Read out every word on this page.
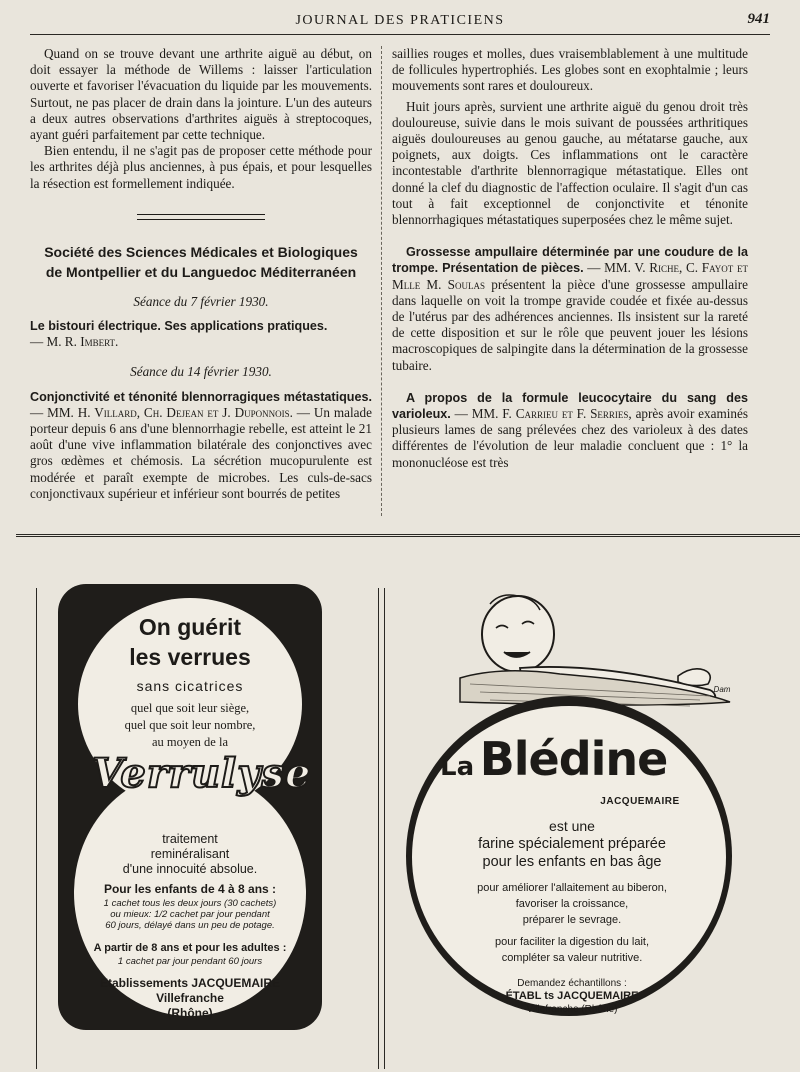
JOURNAL DES PRATICIENS	941

Quand on se trouve devant une arthrite aiguë au début, on doit essayer la méthode de Willems : laisser l'articulation ouverte et favoriser l'évacuation du liquide par les mouvements. Surtout, ne pas placer de drain dans la jointure. L'un des auteurs a deux autres observations d'arthrites aiguës à streptocoques, ayant guéri parfaitement par cette technique.

Bien entendu, il ne s'agit pas de proposer cette méthode pour les arthrites déjà plus anciennes, à pus épais, et pour lesquelles la résection est formellement indiquée.

Société des Sciences Médicales et Biologiques
de Montpellier et du Languedoc Méditerranéen
Séance du 7 février 1930.

Le bistouri électrique. Ses applications pratiques.

— M. R. Imbert.

Séance du 14 février 1930.

Conjonctivité et ténonité blennorragiques métastatiques. — MM. H. Villard, Ch. Dejean et J. Duponnois. — Un malade porteur depuis 6 ans d'une blennorrhagie rebelle, est atteint le 21 août d'une vive inflammation bilatérale des conjonctives avec gros œdèmes et chémosis. La sécrétion mucopurulente est modérée et paraît exempte de microbes. Les culs-de-sacs conjonctivaux supérieur et inférieur sont bourrés de petites

saillies rouges et molles, dues vraisemblablement à une multitude de follicules hypertrophiés. Les globes sont en exophtalmie ; leurs mouvements sont rares et douloureux.

Huit jours après, survient une arthrite aiguë du genou droit très douloureuse, suivie dans le mois suivant de poussées arthritiques aiguës douloureuses au genou gauche, au métatarse gauche, aux poignets, aux doigts. Ces inflammations ont le caractère incontestable d'arthrite blennorragique métastatique. Elles ont donné la clef du diagnostic de l'affection oculaire. Il s'agit d'un cas tout à fait exceptionnel de conjonctivite et ténonite blennorrhagiques métastatiques superposées chez le même sujet.

Grossesse ampullaire déterminée par une coudure de la trompe. Présentation de pièces. — MM. V. Riche, C. Fayot et Mlle M. Soulas présentent la pièce d'une grossesse ampullaire dans laquelle on voit la trompe gravide coudée et fixée au-dessus de l'utérus par des adhérences anciennes. Ils insistent sur la rareté de cette disposition et sur le rôle que peuvent jouer les lésions macroscopiques de salpingite dans la détermination de la grossesse tubaire.

A propos de la formule leucocytaire du sang des varioleux. — MM. F. Carrieu et F. Serries, après avoir examinés plusieurs lames de sang prélevées chez des varioleux à des dates différentes de l'évolution de leur maladie concluent que : 1° la mononucléose est très

On guérit
les verrues
sans cicatrices
quel que soit leur siège,
quel que soit leur nombre,
au moyen de la
Verrulyse
traitement
reminéralisant
d'une innocuité absolue.
Pour les enfants de 4 à 8 ans :
1 cachet tous les deux jours (30 cachets)
ou mieux: 1/2 cachet par jour pendant
60 jours, délayé dans un peu de potage.
A partir de 8 ans et pour les adultes :
1 cachet par jour pendant 60 jours
Etablissements JACQUEMAIRE
Villefranche
(Rhône)
Dam
La Blédine
JACQUEMAIRE
est une
farine spécialement préparée
pour les enfants en bas âge
pour améliorer l'allaitement au biberon,
favoriser la croissance,
préparer le sevrage.
pour faciliter la digestion du lait,
compléter sa valeur nutritive.
Demandez échantillons :
ÉTABL ts JACQUEMAIRE
Villefranche (Rhône)
